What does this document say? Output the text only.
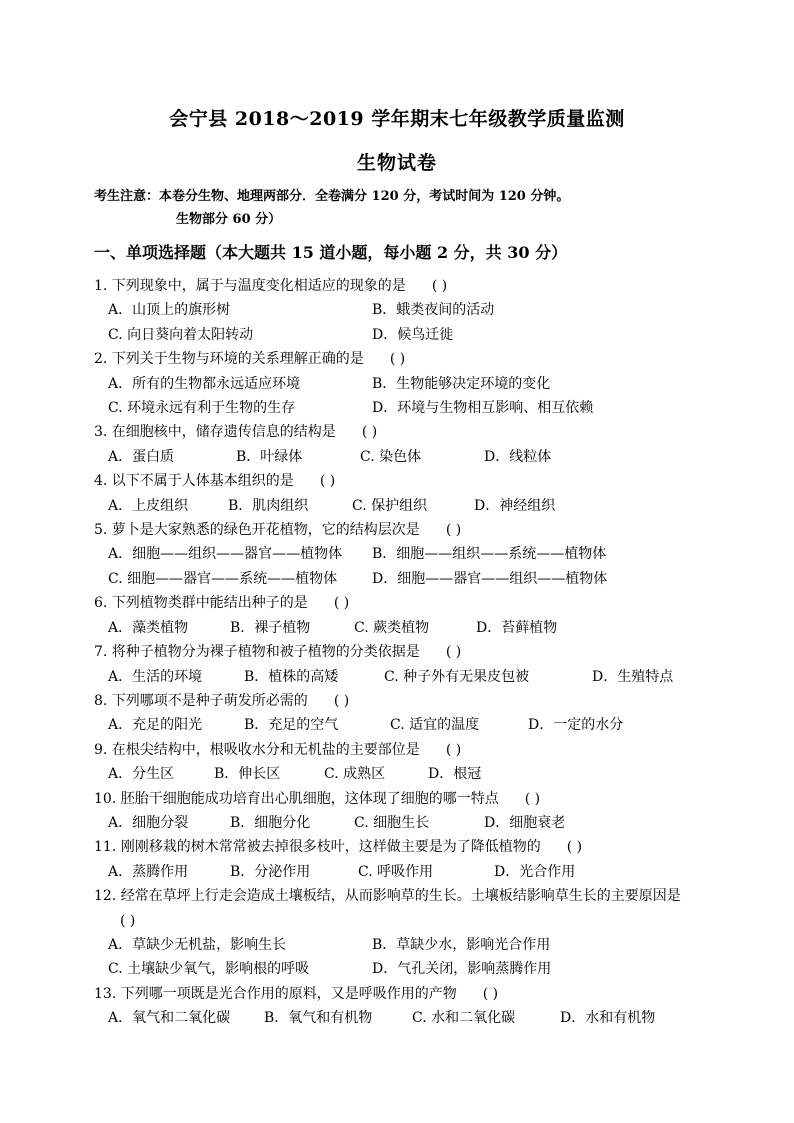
会宁县 2018～2019 学年期末七年级教学质量监测
生物试卷
考生注意：本卷分生物、地理两部分．全卷满分 120 分，考试时间为 120 分钟。
生物部分 60 分）
一、单项选择题（本大题共 15 道小题，每小题 2 分，共 30 分）
1. 下列现象中，属于与温度变化相适应的现象的是 ( )
A．山顶上的旗形树	B．蛾类夜间的活动
C. 向日葵向着太阳转动	D．候鸟迁徙
2. 下列关于生物与环境的关系理解正确的是 ( )
A．所有的生物都永远适应环境	B．生物能够决定环境的变化
C. 环境永远有利于生物的生存	D．环境与生物相互影响、相互依赖
3. 在细胞核中，储存遗传信息的结构是 ( )
A．蛋白质	B．叶绿体	C. 染色体	D．线粒体
4. 以下不属于人体基本组织的是 ( )
A．上皮组织	B．肌肉组织	C. 保护组织	D．神经组织
5. 萝卜是大家熟悉的绿色开花植物，它的结构层次是 ( )
A．细胞——组织——器官——植物体 B．细胞——组织——系统——植物体
C. 细胞——器官——系统——植物体 D．细胞——器官——组织——植物体
6. 下列植物类群中能结出种子的是 ( )
A．藻类植物	B．裸子植物	C. 蕨类植物	D．苔藓植物
7. 将种子植物分为裸子植物和被子植物的分类依据是 ( )
A．生活的环境	B．植株的高矮	C. 种子外有无果皮包被	D．生殖特点
8. 下列哪项不是种子萌发所必需的 ( )
A．充足的阳光	B．充足的空气	C. 适宜的温度	D．一定的水分
9. 在根尖结构中，根吸收水分和无机盐的主要部位是 ( )
A．分生区	B．伸长区	C. 成熟区	D．根冠
10. 胚胎干细胞能成功培育出心肌细胞，这体现了细胞的哪一特点 ( )
A．细胞分裂	B．细胞分化	C. 细胞生长	D．细胞衰老
11. 刚刚移栽的树木常常被去掉很多枝叶，这样做主要是为了降低植物的 ( )
A．蒸腾作用	B．分泌作用	C. 呼吸作用	D．光合作用
12. 经常在草坪上行走会造成土壤板结，从而影响草的生长。土壤板结影响草生长的主要原因是( )
A．草缺少无机盐，影响生长	B．草缺少水，影响光合作用
C. 土壤缺少氧气，影响根的呼吸	D．气孔关闭，影响蒸腾作用
13. 下列哪一项既是光合作用的原料，又是呼吸作用的产物 ( )
A．氧气和二氧化碳 B．氧气和有机物	C. 水和二氧化碳	D．水和有机物
